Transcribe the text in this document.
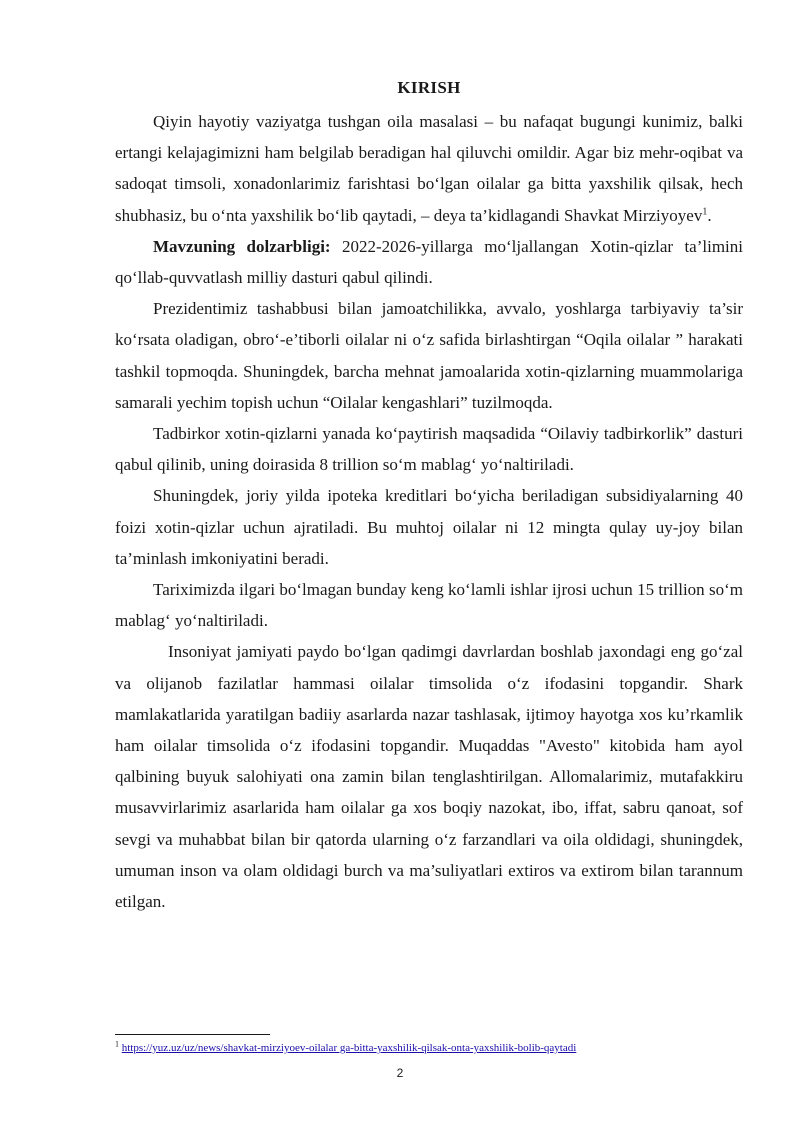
KIRISH

Qiyin hayotiy vaziyatga tushgan oila masalasi – bu nafaqat bugungi kunimiz, balki ertangi kelajagimizni ham belgilab beradigan hal qiluvchi omildir. Agar biz mehr-oqibat va sadoqat timsoli, xonadonlarimiz farishtasi bo‘lgan oilalar ga bitta yaxshilik qilsak, hech shubhasiz, bu o‘nta yaxshilik bo‘lib qaytadi, – deya ta’kidlagandi Shavkat Mirziyoyev$^1$.

Mavzuning dolzarbligi: 2022-2026-yillarga mo‘ljallangan Xotin-qizlar ta’limini qo‘llab-quvvatlash milliy dasturi qabul qilindi.

Prezidentimiz tashabbusi bilan jamoatchilikka, avvalo, yoshlarga tarbiyaviy ta’sir ko‘rsata oladigan, obro‘-e’tiborli oilalar ni o‘z safida birlashtirgan “Oqila oilalar ” harakati tashkil topmoqda. Shuningdek, barcha mehnat jamoalarida xotin-qizlarning muammolariga samarali yechim topish uchun “Oilalar kengashlari” tuzilmoqda.

Tadbirkor xotin-qizlarni yanada ko‘paytirish maqsadida “Oilaviy tadbirkorlik” dasturi qabul qilinib, uning doirasida 8 trillion so‘m mablag‘ yo‘naltiriladi.

Shuningdek, joriy yilda ipoteka kreditlari bo‘yicha beriladigan subsidiyalarning 40 foizi xotin-qizlar uchun ajratiladi. Bu muhtoj oilalar ni 12 mingta qulay uy-joy bilan ta’minlash imkoniyatini beradi.

Tariximizda ilgari bo‘lmagan bunday keng ko‘lamli ishlar ijrosi uchun 15 trillion so‘m mablag‘ yo‘naltiriladi.

Insoniyat jamiyati paydo bo‘lgan qadimgi davrlardan boshlab jaxondagi eng go‘zal va olijanob fazilatlar hammasi oilalar timsolida o‘z ifodasini topgandir. Shark mamlakatlarida yaratilgan badiiy asarlarda nazar tashlasak, ijtimoy hayotga xos ku’rkamlik ham oilalar timsolida o‘z ifodasini topgandir. Muqaddas "Avesto" kitobida ham ayol qalbining buyuk salohiyati ona zamin bilan tenglashtirilgan. Allomalarimiz, mutafakkiru musavvirlarimiz asarlarida ham oilalar ga xos boqiy nazokat, ibo, iffat, sabru qanoat, sof sevgi va muhabbat bilan bir qatorda ularning o‘z farzandlari va oila oldidagi, shuningdek, umuman inson va olam oldidagi burch va ma’suliyatlari extiros va extirom bilan tarannum etilgan.

$^1$ https://yuz.uz/uz/news/shavkat-mirziyoev-oilalar ga-bitta-yaxshilik-qilsak-onta-yaxshilik-bolib-qaytadi
2
